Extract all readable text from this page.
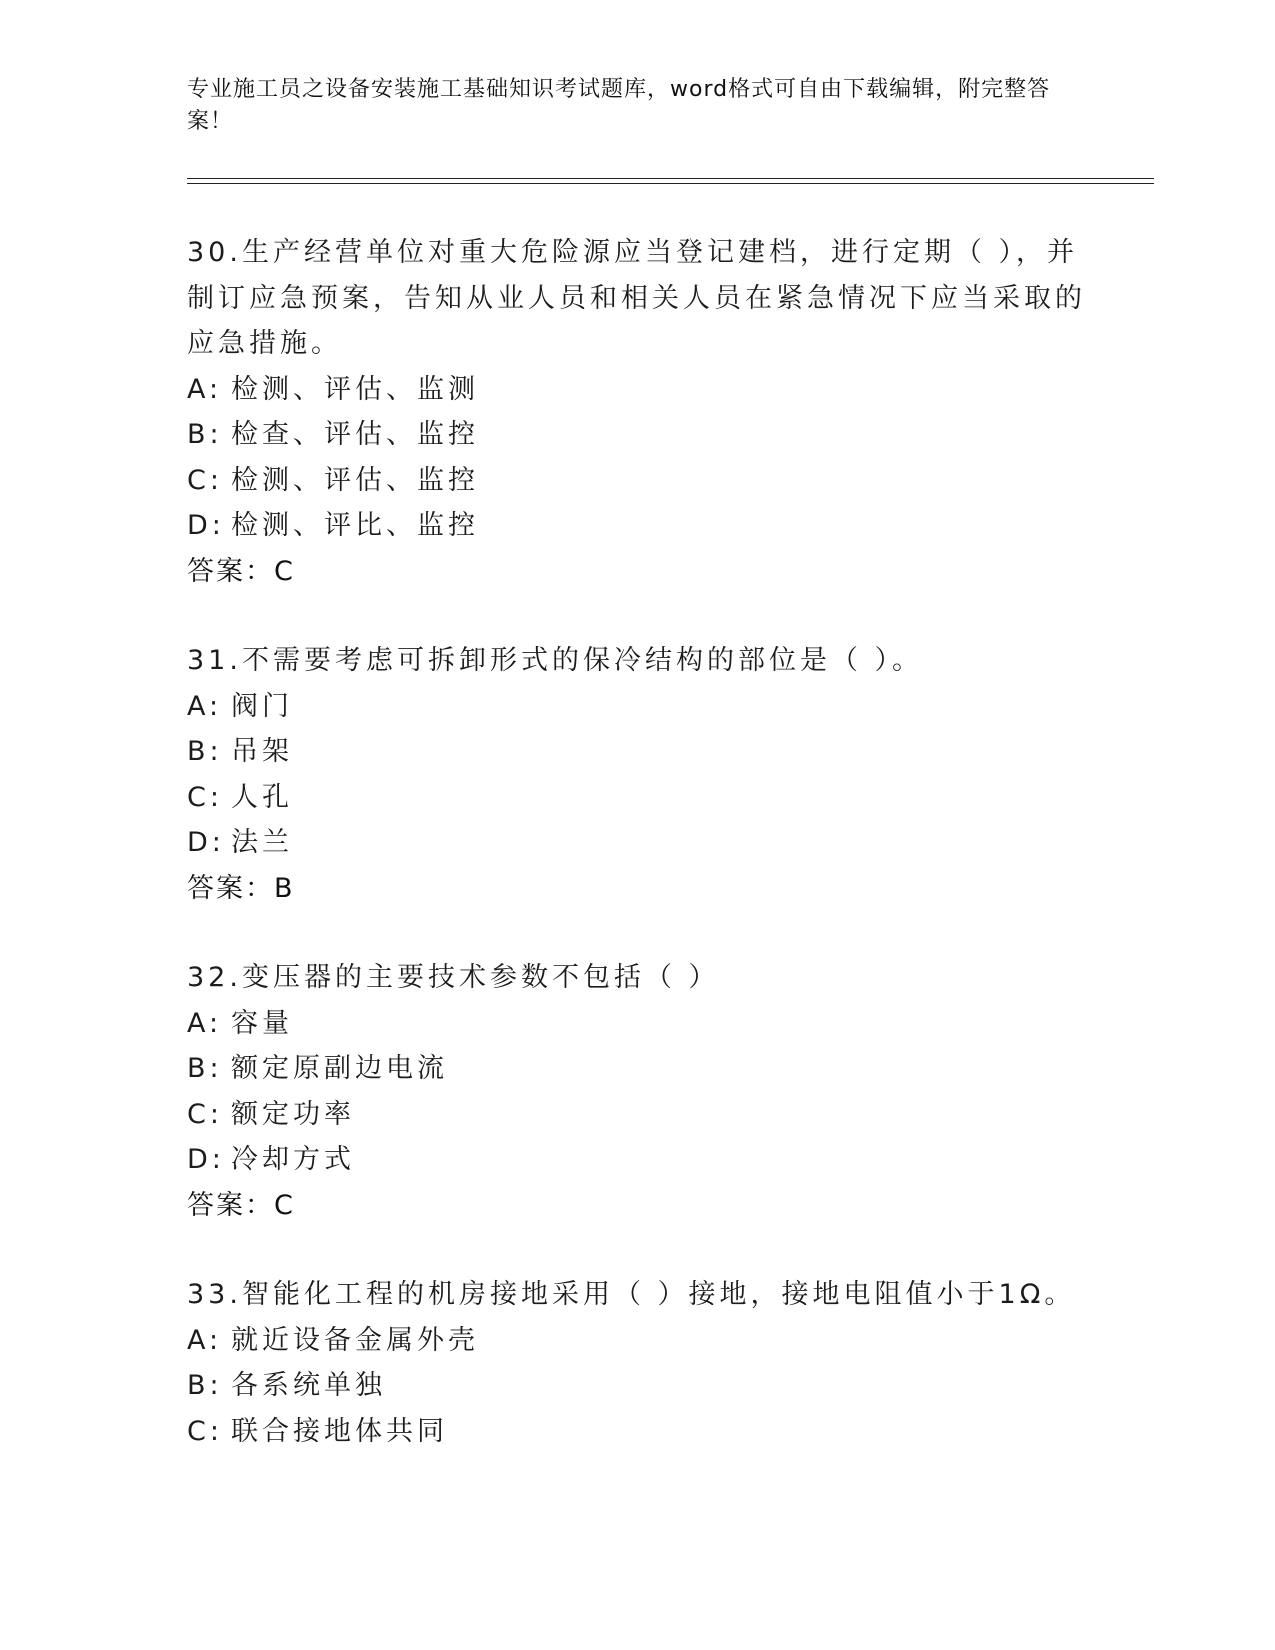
专业施工员之设备安装施工基础知识考试题库，word格式可自由下载编辑，附完整答案！
30.生产经营单位对重大危险源应当登记建档，进行定期（ ），并制订应急预案，告知从业人员和相关人员在紧急情况下应当采取的应急措施。
A: 检测、评估、监测
B: 检查、评估、监控
C: 检测、评估、监控
D: 检测、评比、监控
答案：C
31.不需要考虑可拆卸形式的保冷结构的部位是（ ）。
A: 阀门
B: 吊架
C: 人孔
D: 法兰
答案：B
32.变压器的主要技术参数不包括（ ）
A: 容量
B: 额定原副边电流
C: 额定功率
D: 冷却方式
答案：C
33.智能化工程的机房接地采用（ ）接地，接地电阻值小于1Ω。
A: 就近设备金属外壳
B: 各系统单独
C: 联合接地体共同
